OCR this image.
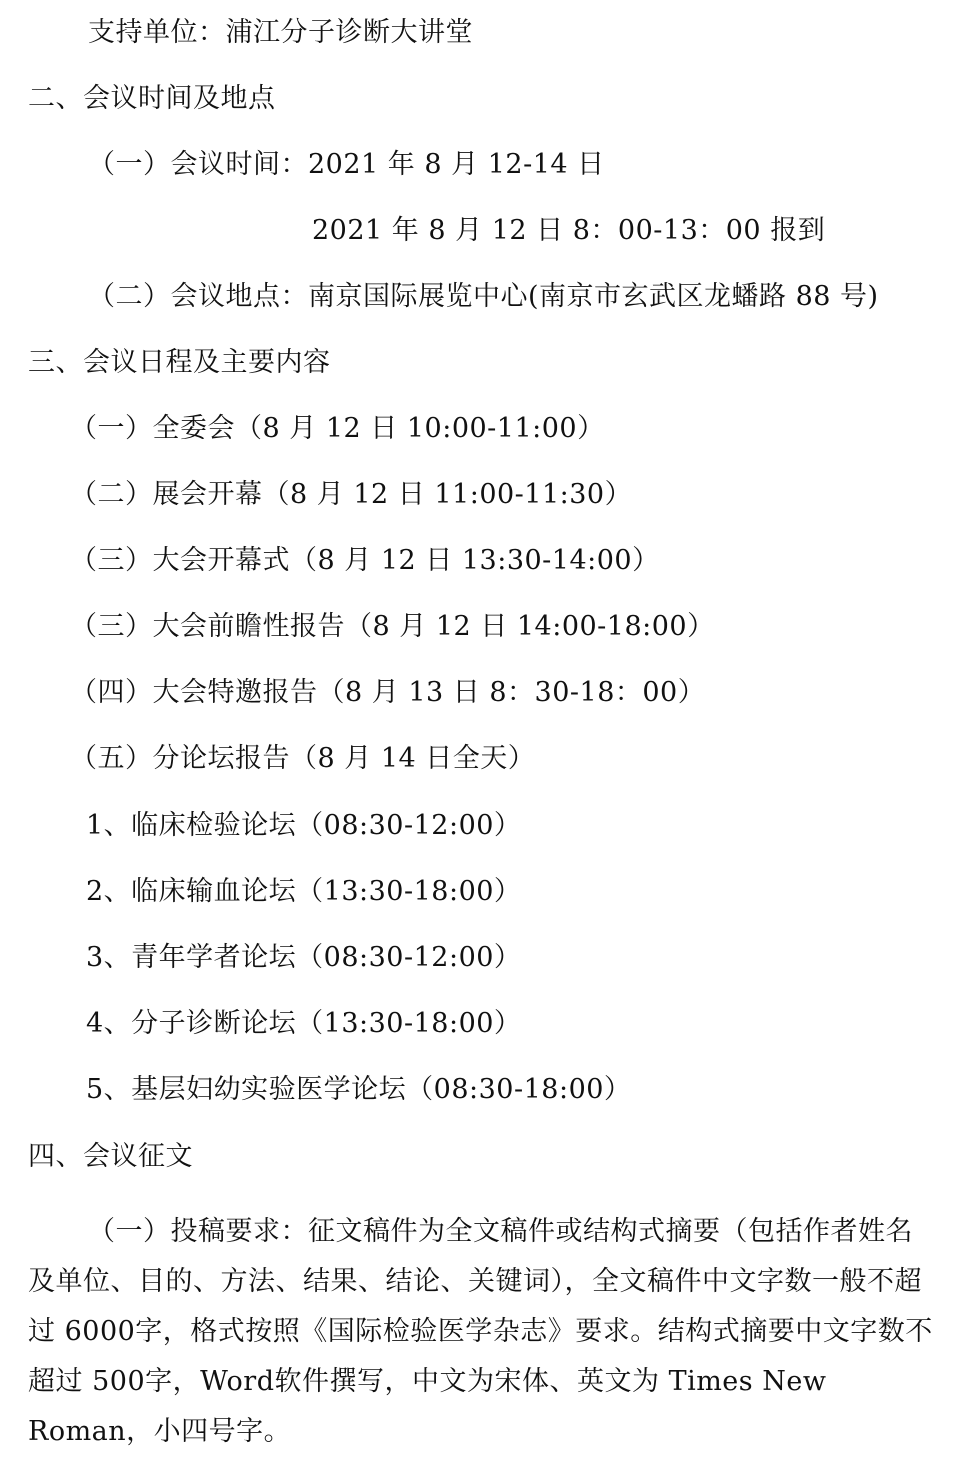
支持单位：浦江分子诊断大讲堂
二、会议时间及地点
（一）会议时间：2021 年 8 月 12-14 日
2021 年 8 月 12 日 8：00-13：00 报到
（二）会议地点：南京国际展览中心(南京市玄武区龙蟠路 88 号)
三、会议日程及主要内容
（一）全委会（8 月 12 日 10:00-11:00）
（二）展会开幕（8 月 12 日 11:00-11:30）
（三）大会开幕式（8 月 12 日 13:30-14:00）
（三）大会前瞻性报告（8 月 12 日 14:00-18:00）
（四）大会特邀报告（8 月 13 日 8：30-18：00）
（五）分论坛报告（8 月 14 日全天）
1、临床检验论坛（08:30-12:00）
2、临床输血论坛（13:30-18:00）
3、青年学者论坛（08:30-12:00）
4、分子诊断论坛（13:30-18:00）
5、基层妇幼实验医学论坛（08:30-18:00）
四、会议征文
（一）投稿要求：征文稿件为全文稿件或结构式摘要（包括作者姓名及单位、目的、方法、结果、结论、关键词），全文稿件中文字数一般不超过 6000字，格式按照《国际检验医学杂志》要求。结构式摘要中文字数不超过 500字，Word软件撰写，中文为宋体、英文为 Times New Roman，小四号字。
